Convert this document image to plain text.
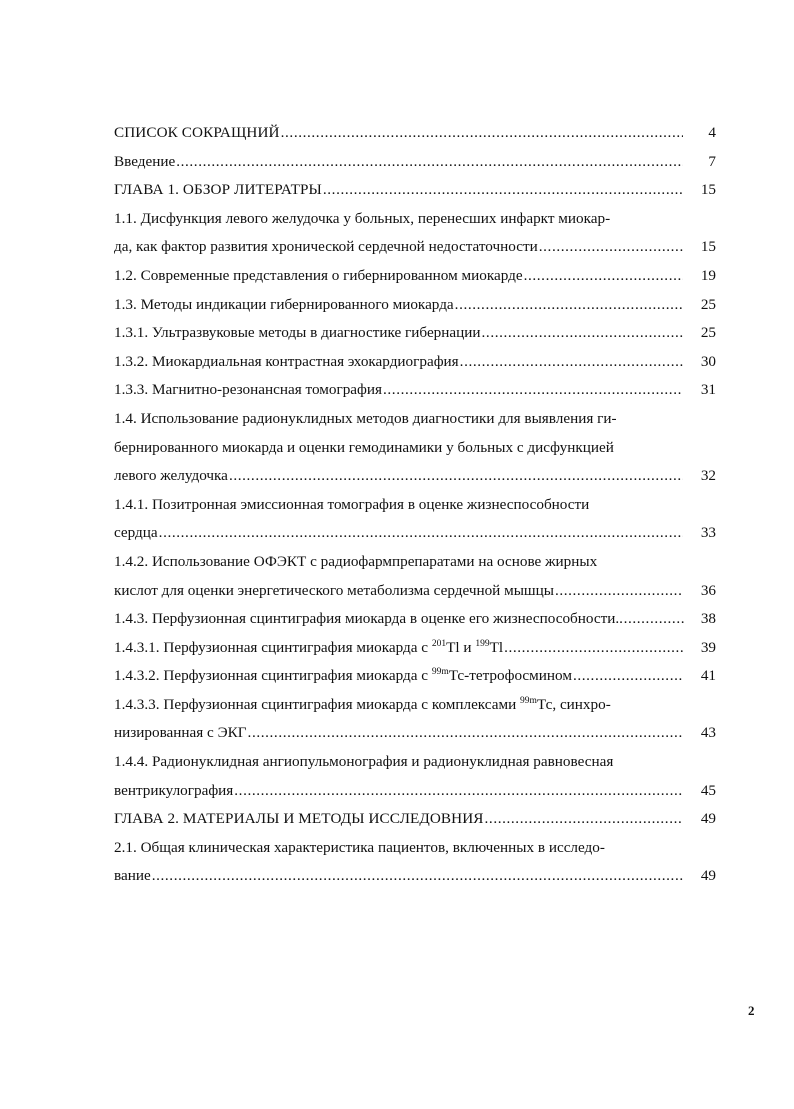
СПИСОК СОКРАЩНИЙ .....	4
Введение .....	7
ГЛАВА 1. ОБЗОР ЛИТЕРАТРЫ .....	15
1.1. Дисфункция левого желудочка у больных, перенесших инфаркт миокар-
да, как фактор развития хронической сердечной недостаточности .....	15
1.2. Современные представления о гибернированном миокарде .....	19
1.3. Методы индикации гибернированного миокарда .....	25
1.3.1. Ультразвуковые методы в диагностике гибернации .....	25
1.3.2. Миокардиальная контрастная эхокардиография .....	30
1.3.3. Магнитно-резонансная томография .....	31
1.4. Использование радионуклидных методов диагностики для выявления ги-
бернированного миокарда и оценки гемодинамики у больных с дисфункцией
левого желудочка .....	32
1.4.1. Позитронная эмиссионная томография в оценке жизнеспособности
сердца .....	33
1.4.2. Использование ОФЭКТ с радиофармпрепаратами на основе жирных
кислот для оценки энергетического метаболизма сердечной мышцы .....	36
1.4.3. Перфузионная сцинтиграфия миокарда в оценке его жизнеспособности. .....	38
1.4.3.1. Перфузионная сцинтиграфия миокарда с $^{201}$Tl и $^{199}$Tl .....	39
1.4.3.2. Перфузионная сцинтиграфия миокарда с $^{99m}$Тс-тетрофосмином .....	41
1.4.3.3. Перфузионная сцинтиграфия миокарда с комплексами $^{99m}$Тс, синхро-
низированная с ЭКГ .....	43
1.4.4. Радионуклидная ангиопульмонография и радионуклидная равновесная
вентрикулография .....	45
ГЛАВА 2. МАТЕРИАЛЫ И МЕТОДЫ ИССЛЕДОВНИЯ .....	49
2.1. Общая клиническая характеристика пациентов, включенных в исследо-
вание .....	49
2
